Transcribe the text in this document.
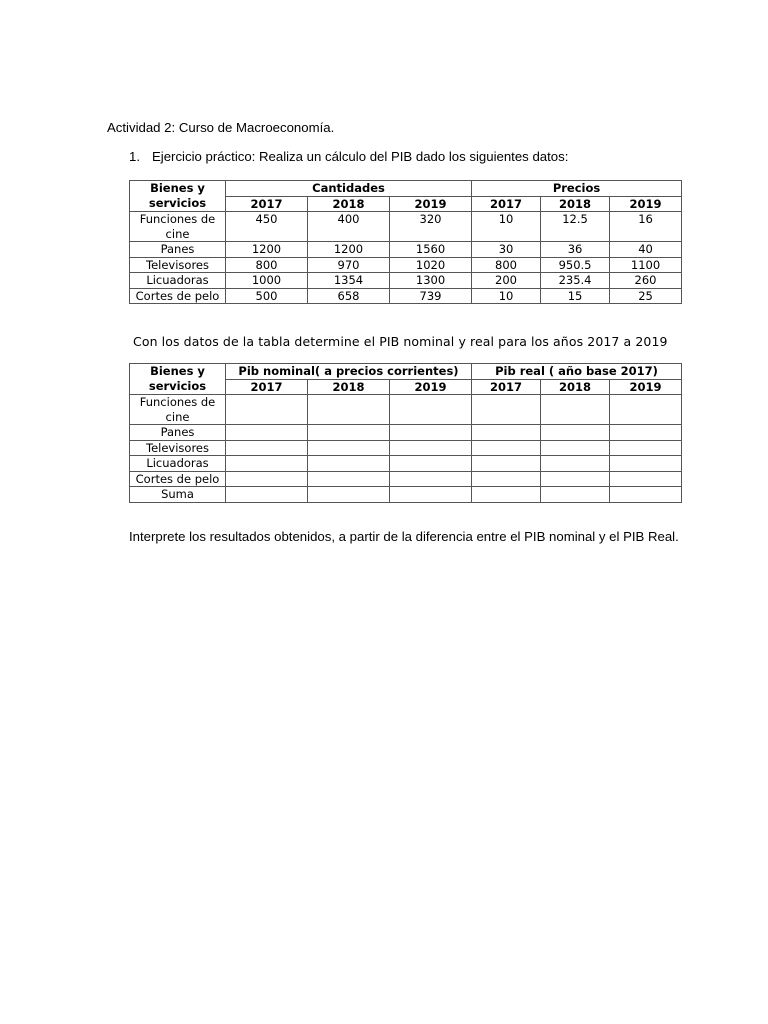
Actividad 2: Curso de Macroeconomía.
1. Ejercicio práctico: Realiza un cálculo del PIB dado los siguientes datos:
Bienes y servicios	Cantidades			Precios		
	2017	2018	2019	2017	2018	2019
Funciones de cine	450	400	320	10	12.5	16
Panes	1200	1200	1560	30	36	40
Televisores	800	970	1020	800	950.5	1100
Licuadoras	1000	1354	1300	200	235.4	260
Cortes de pelo	500	658	739	10	15	25
Con los datos de la tabla determine el PIB nominal y real para los años 2017 a 2019
Bienes y servicios	Pib nominal( a precios corrientes)			Pib real ( año base 2017)		
	2017	2018	2019	2017	2018	2019
Funciones de cine						
Panes						
Televisores						
Licuadoras						
Cortes de pelo						
Suma						
Interprete los resultados obtenidos, a partir de la diferencia entre el PIB nominal y el PIB Real.
